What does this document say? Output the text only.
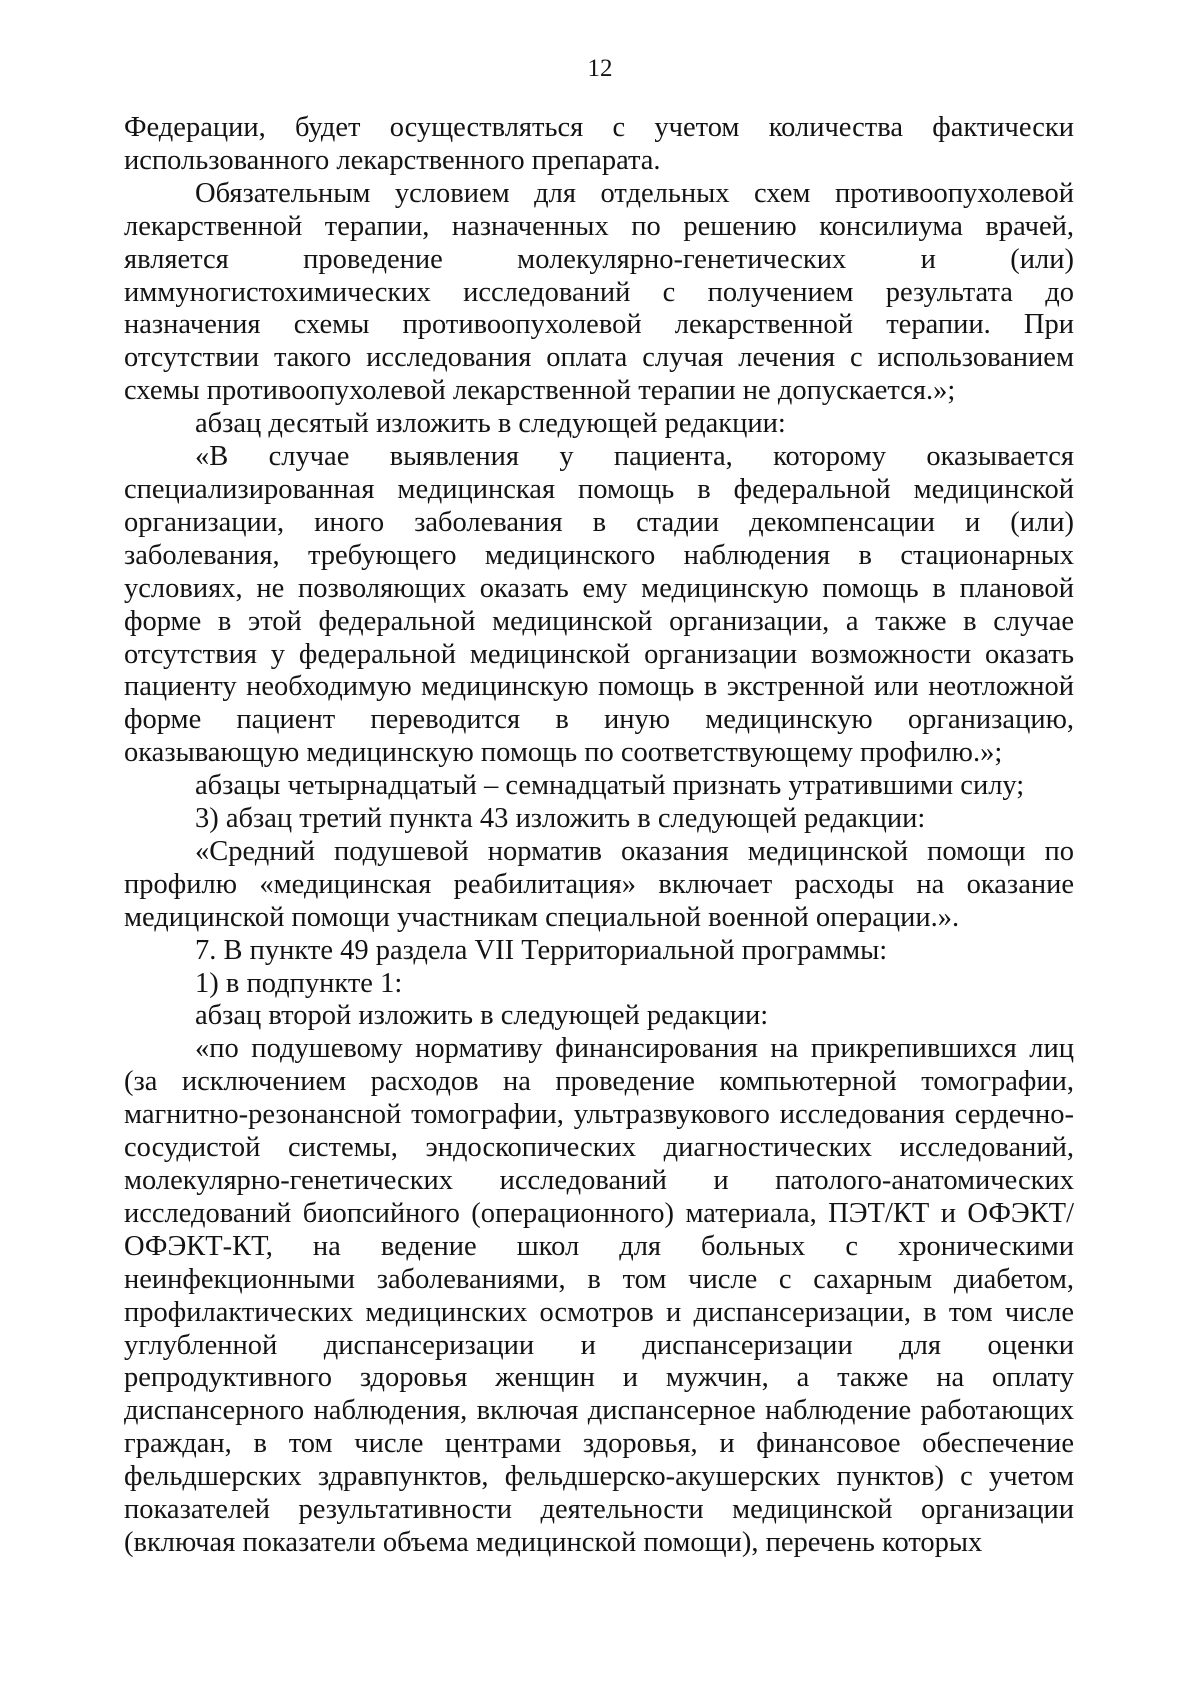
12

Федерации, будет осуществляться с учетом количества фактически использованного лекарственного препарата.

Обязательным условием для отдельных схем противоопухолевой лекарственной терапии, назначенных по решению консилиума врачей, является проведение молекулярно-генетических и (или) иммуногистохимических исследований с получением результата до назначения схемы противоопухолевой лекарственной терапии. При отсутствии такого исследования оплата случая лечения с использованием схемы противоопухолевой лекарственной терапии не допускается.»;

абзац десятый изложить в следующей редакции:

«В случае выявления у пациента, которому оказывается специализированная медицинская помощь в федеральной медицинской организации, иного заболевания в стадии декомпенсации и (или) заболевания, требующего медицинского наблюдения в стационарных условиях, не позволяющих оказать ему медицинскую помощь в плановой форме в этой федеральной медицинской организации, а также в случае отсутствия у федеральной медицинской организации возможности оказать пациенту необходимую медицинскую помощь в экстренной или неотложной форме пациент переводится в иную медицинскую организацию, оказывающую медицинскую помощь по соответствующему профилю.»;

абзацы четырнадцатый – семнадцатый признать утратившими силу;

3) абзац третий пункта 43 изложить в следующей редакции:

«Средний подушевой норматив оказания медицинской помощи по профилю «медицинская реабилитация» включает расходы на оказание медицинской помощи участникам специальной военной операции.».

7. В пункте 49 раздела VII Территориальной программы:

1) в подпункте 1:

абзац второй изложить в следующей редакции:

«по подушевому нормативу финансирования на прикрепившихся лиц (за исключением расходов на проведение компьютерной томографии, магнитно-резонансной томографии, ультразвукового исследования сердечно-сосудистой системы, эндоскопических диагностических исследований, молекулярно-генетических исследований и патолого-анатомических исследований биопсийного (операционного) материала, ПЭТ/КТ и ОФЭКТ/ОФЭКТ-КТ, на ведение школ для больных с хроническими неинфекционными заболеваниями, в том числе с сахарным диабетом, профилактических медицинских осмотров и диспансеризации, в том числе углубленной диспансеризации и диспансеризации для оценки репродуктивного здоровья женщин и мужчин, а также на оплату диспансерного наблюдения, включая диспансерное наблюдение работающих граждан, в том числе центрами здоровья, и финансовое обеспечение фельдшерских здравпунктов, фельдшерско-акушерских пунктов) с учетом показателей результативности деятельности медицинской организации (включая показатели объема медицинской помощи), перечень которых
